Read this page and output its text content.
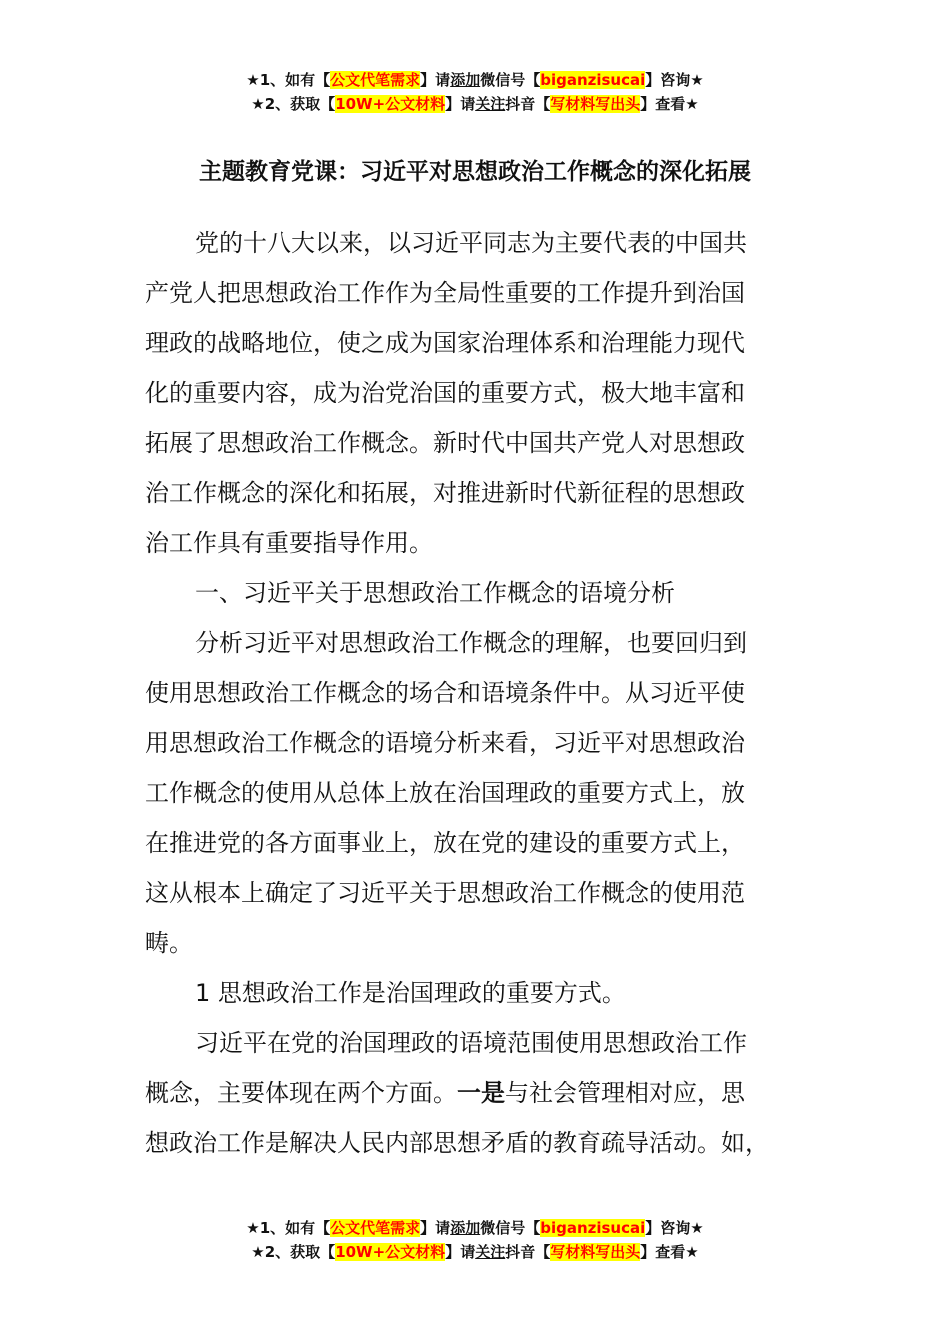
★1、如有【公文代笔需求】请添加微信号【biganzisucai】咨询★
★2、获取【10W+公文材料】请关注抖音【写材料写出头】查看★
主题教育党课：习近平对思想政治工作概念的深化拓展
党的十八大以来，以习近平同志为主要代表的中国共
产党人把思想政治工作作为全局性重要的工作提升到治国
理政的战略地位，使之成为国家治理体系和治理能力现代
化的重要内容，成为治党治国的重要方式，极大地丰富和
拓展了思想政治工作概念。新时代中国共产党人对思想政
治工作概念的深化和拓展，对推进新时代新征程的思想政
治工作具有重要指导作用。
一、习近平关于思想政治工作概念的语境分析
分析习近平对思想政治工作概念的理解，也要回归到
使用思想政治工作概念的场合和语境条件中。从习近平使
用思想政治工作概念的语境分析来看，习近平对思想政治
工作概念的使用从总体上放在治国理政的重要方式上，放
在推进党的各方面事业上，放在党的建设的重要方式上，
这从根本上确定了习近平关于思想政治工作概念的使用范
畴。
1 思想政治工作是治国理政的重要方式。
习近平在党的治国理政的语境范围使用思想政治工作
概念，主要体现在两个方面。一是与社会管理相对应，思
想政治工作是解决人民内部思想矛盾的教育疏导活动。如，
★1、如有【公文代笔需求】请添加微信号【biganzisucai】咨询★
★2、获取【10W+公文材料】请关注抖音【写材料写出头】查看★
